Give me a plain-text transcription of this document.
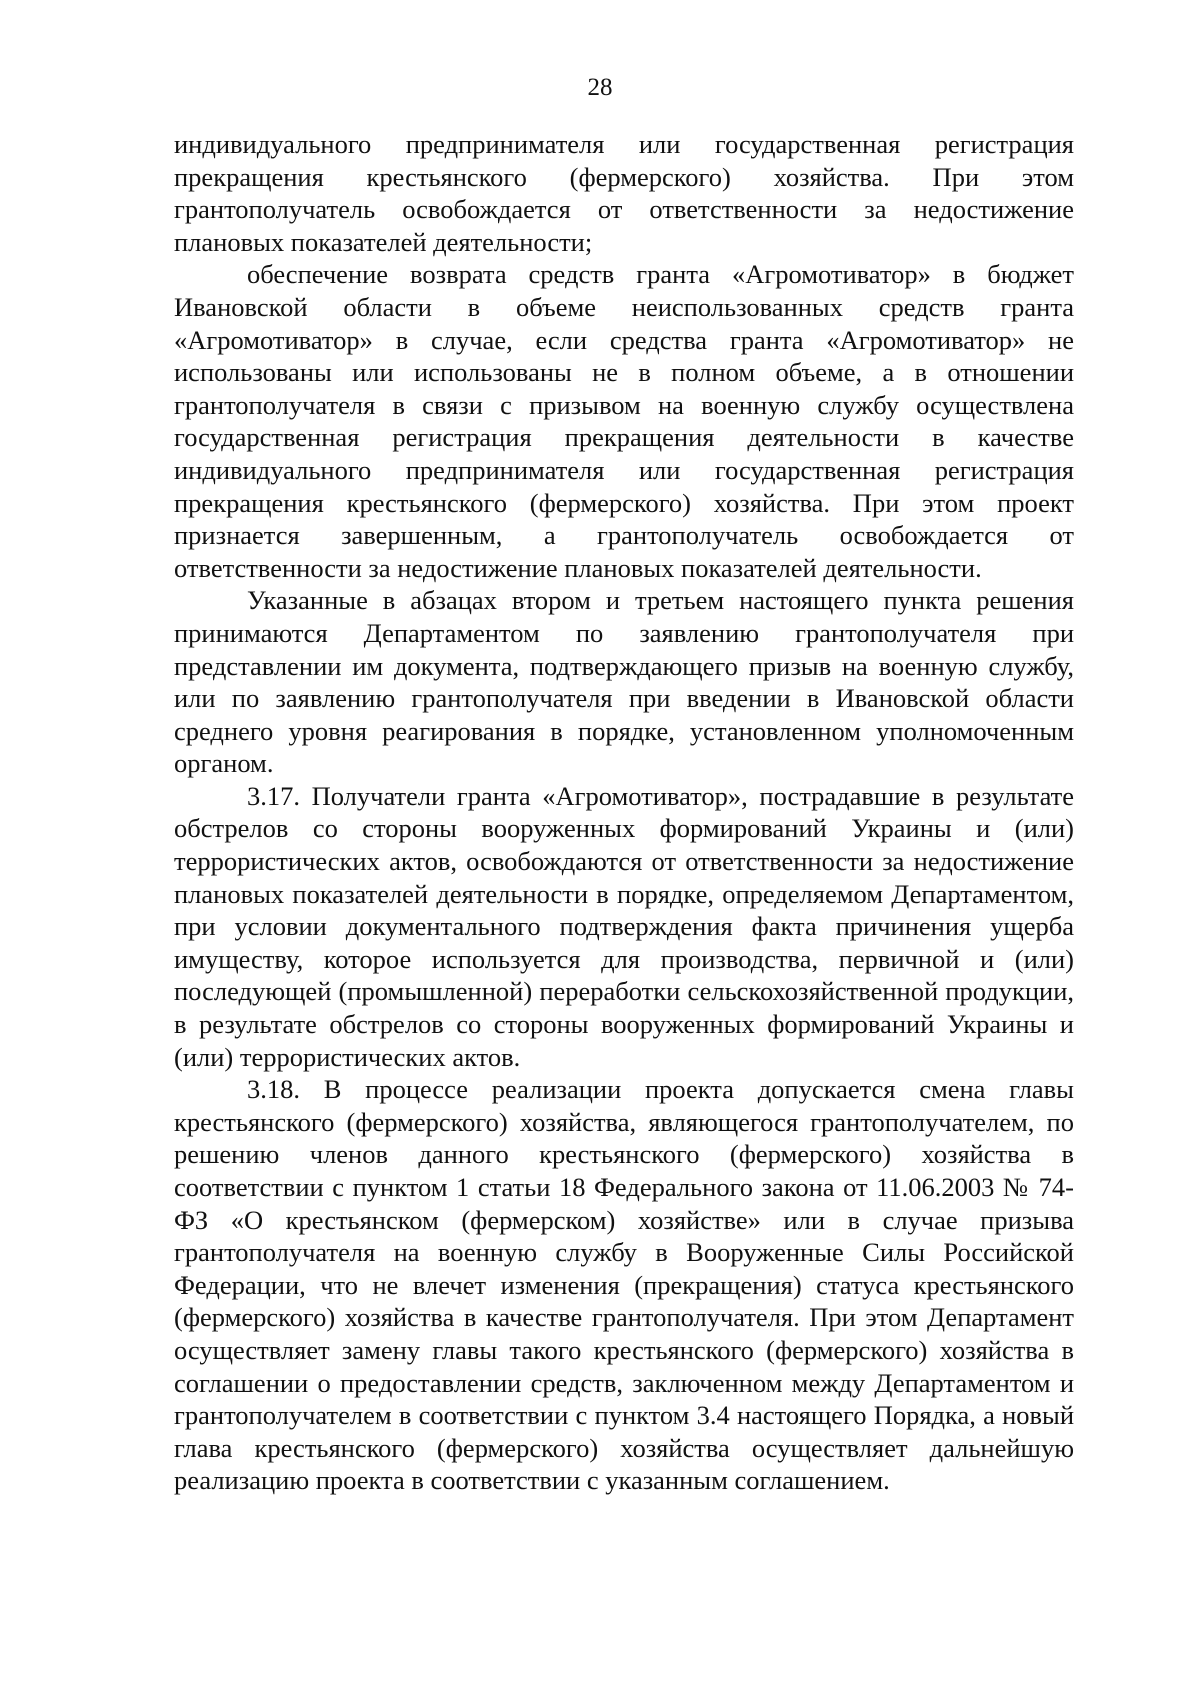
28

индивидуального предпринимателя или государственная регистрация прекращения крестьянского (фермерского) хозяйства. При этом грантополучатель освобождается от ответственности за недостижение плановых показателей деятельности;

обеспечение возврата средств гранта «Агромотиватор» в бюджет Ивановской области в объеме неиспользованных средств гранта «Агромотиватор» в случае, если средства гранта «Агромотиватор» не использованы или использованы не в полном объеме, а в отношении грантополучателя в связи с призывом на военную службу осуществлена государственная регистрация прекращения деятельности в качестве индивидуального предпринимателя или государственная регистрация прекращения крестьянского (фермерского) хозяйства. При этом проект признается завершенным, а грантополучатель освобождается от ответственности за недостижение плановых показателей деятельности.

Указанные в абзацах втором и третьем настоящего пункта решения принимаются Департаментом по заявлению грантополучателя при представлении им документа, подтверждающего призыв на военную службу, или по заявлению грантополучателя при введении в Ивановской области среднего уровня реагирования в порядке, установленном уполномоченным органом.

3.17. Получатели гранта «Агромотиватор», пострадавшие в результате обстрелов со стороны вооруженных формирований Украины и (или) террористических актов, освобождаются от ответственности за недостижение плановых показателей деятельности в порядке, определяемом Департаментом, при условии документального подтверждения факта причинения ущерба имуществу, которое используется для производства, первичной и (или) последующей (промышленной) переработки сельскохозяйственной продукции, в результате обстрелов со стороны вооруженных формирований Украины и (или) террористических актов.

3.18. В процессе реализации проекта допускается смена главы крестьянского (фермерского) хозяйства, являющегося грантополучателем, по решению членов данного крестьянского (фермерского) хозяйства в соответствии с пунктом 1 статьи 18 Федерального закона от 11.06.2003 № 74-ФЗ «О крестьянском (фермерском) хозяйстве» или в случае призыва грантополучателя на военную службу в Вооруженные Силы Российской Федерации, что не влечет изменения (прекращения) статуса крестьянского (фермерского) хозяйства в качестве грантополучателя. При этом Департамент осуществляет замену главы такого крестьянского (фермерского) хозяйства в соглашении о предоставлении средств, заключенном между Департаментом и грантополучателем в соответствии с пунктом 3.4 настоящего Порядка, а новый глава крестьянского (фермерского) хозяйства осуществляет дальнейшую реализацию проекта в соответствии с указанным соглашением.
